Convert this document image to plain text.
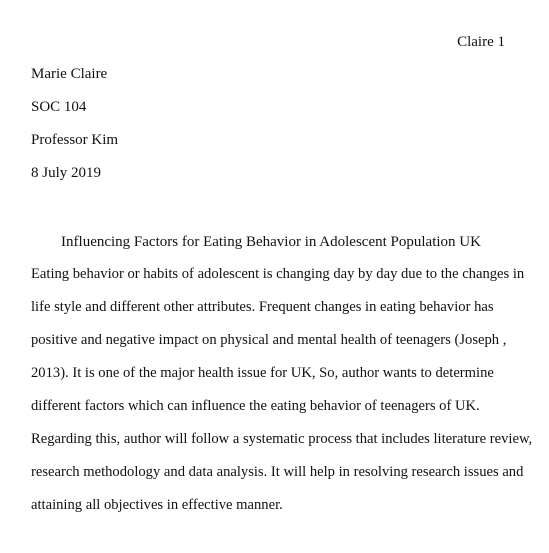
Claire 1
Marie Claire
SOC 104
Professor Kim
8 July 2019
Influencing Factors for Eating Behavior in Adolescent Population UK
Eating behavior or habits of adolescent is changing day by day due to the changes in
life style and different other attributes. Frequent changes in eating behavior has
positive and negative impact on physical and mental health of teenagers (Joseph ,
2013). It is one of the major health issue for UK, So, author wants to determine
different factors which can influence the eating behavior of teenagers of UK.
Regarding this, author will follow a systematic process that includes literature review,
research methodology and data analysis. It will help in resolving research issues and
attaining all objectives in effective manner.
